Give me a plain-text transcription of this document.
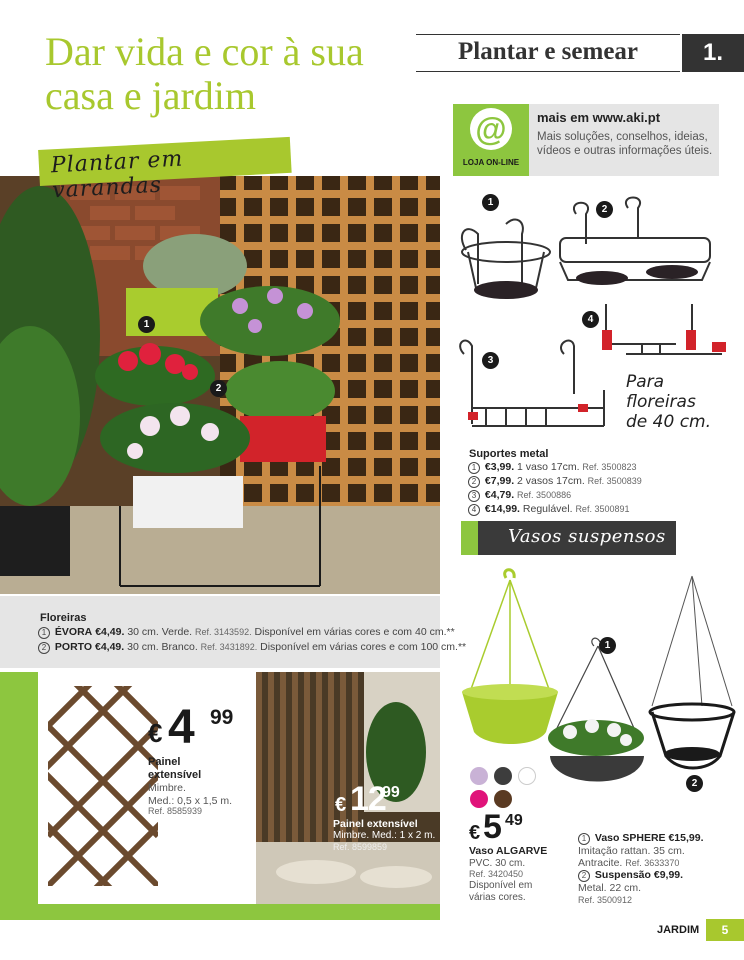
Dar vida e cor à sua
casa e jardim
Plantar e semear	1.
@
LOJA ON-LINE
mais em www.aki.pt
Mais soluções, conselhos, ideias,
vídeos e outras informações úteis.
Plantar em varandas
1
2
Floreiras
1 ÉVORA €4,49. 30 cm. Verde. Ref. 3143592. Disponível em várias cores e com 40 cm.**
2 PORTO €4,49. 30 cm. Branco. Ref. 3431892. Disponível em várias cores e com 100 cm.**
€ 4 99
Painel
extensível
Mimbre.
Med.: 0,5 x 1,5 m.
Ref. 8585939	€ 12
99
Painel extensível
Mimbre. Med.: 1 x 2 m.
Ref. 8599859
1
2
3
4
Para
floreiras
de 40 cm.
Suportes metal
1 €3,99. 1 vaso 17cm. Ref. 3500823
2 €7,99. 2 vasos 17cm. Ref. 3500839
3 €4,79. Ref. 3500886
4 €14,99. Regulável. Ref. 3500891
Vasos suspensos
1
2
€ 5 49
Vaso ALGARVE
PVC. 30 cm.
Ref. 3420450
Disponível em
várias cores.
1 Vaso SPHERE €15,99.
Imitação rattan. 35 cm.
Antracite. Ref. 3633370
2 Suspensão €9,99.
Metal. 22 cm.
Ref. 3500912
JARDIM	5
